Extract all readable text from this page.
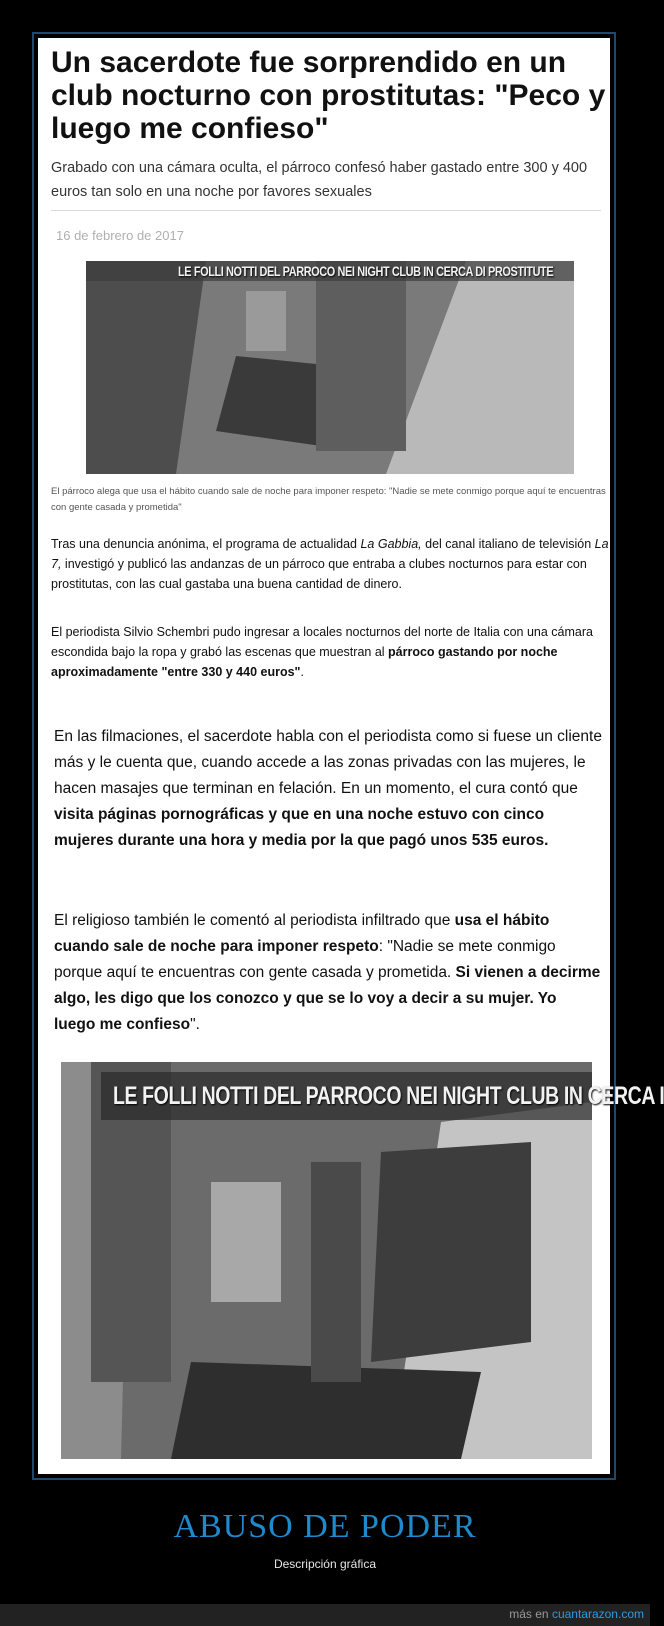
Un sacerdote fue sorprendido en un club nocturno con prostitutas: "Peco y luego me confieso"

Grabado con una cámara oculta, el párroco confesó haber gastado entre 300 y 400 euros tan solo en una noche por favores sexuales

16 de febrero de 2017
LE FOLLI NOTTI DEL PARROCO NEI NIGHT CLUB IN CERCA DI PROSTITUTE

El párroco alega que usa el hábito cuando sale de noche para imponer respeto: "Nadie se mete conmigo porque aquí te encuentras con gente casada y prometida"

Tras una denuncia anónima, el programa de actualidad La Gabbia, del canal italiano de televisión La 7, investigó y publicó las andanzas de un párroco que entraba a clubes nocturnos para estar con prostitutas, con las cual gastaba una buena cantidad de dinero.

El periodista Silvio Schembri pudo ingresar a locales nocturnos del norte de Italia con una cámara escondida bajo la ropa y grabó las escenas que muestran al párroco gastando por noche aproximadamente "entre 330 y 440 euros".

En las filmaciones, el sacerdote habla con el periodista como si fuese un cliente más y le cuenta que, cuando accede a las zonas privadas con las mujeres, le hacen masajes que terminan en felación. En un momento, el cura contó que visita páginas pornográficas y que en una noche estuvo con cinco mujeres durante una hora y media por la que pagó unos 535 euros.

El religioso también le comentó al periodista infiltrado que usa el hábito cuando sale de noche para imponer respeto: "Nadie se mete conmigo porque aquí te encuentras con gente casada y prometida. Si vienen a decirme algo, les digo que los conozco y que se lo voy a decir a su mujer. Yo luego me confieso".

LE FOLLI NOTTI DEL PARROCO NEI NIGHT CLUB IN CERCA I
ABUSO DE PODER
Descripción gráfica
más en cuantarazon.com
